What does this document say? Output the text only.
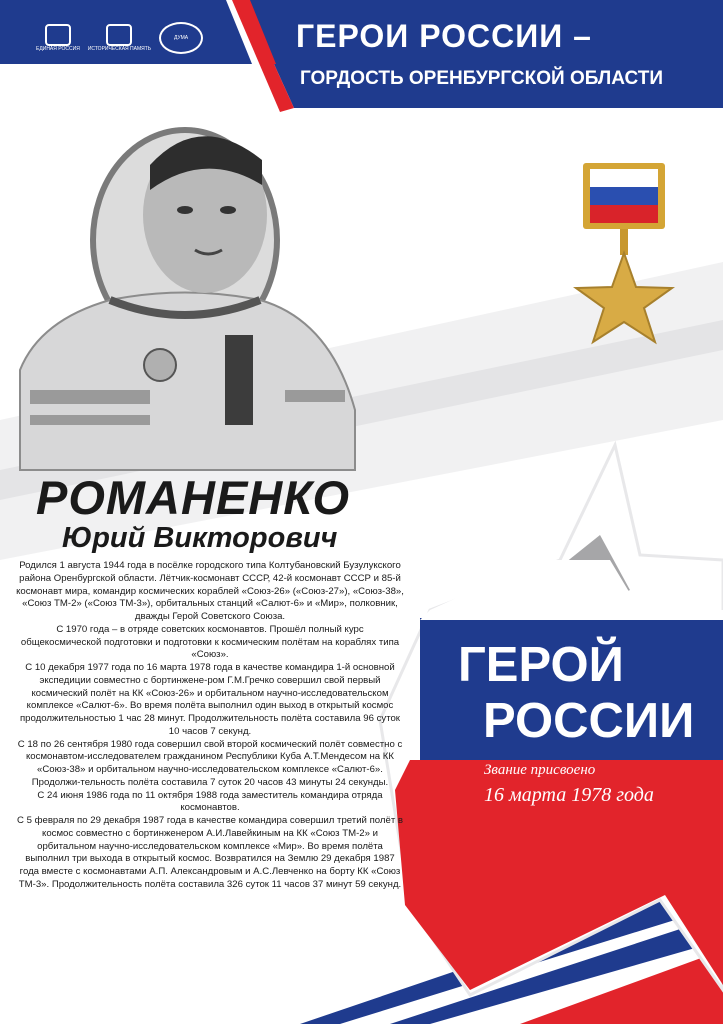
ЕДИНАЯ РОССИЯ ИСТОРИЧЕСКАЯ ПАМЯТЬ
ДУМА	ГЕРОИ РОССИИ –
ГОРДОСТЬ ОРЕНБУРГСКОЙ ОБЛАСТИ
РОМАНЕНКО
Юрий Викторович

Родился 1 августа 1944 года в посёлке городского типа Колтубановский Бузулукского района Оренбургской области. Лётчик-космонавт СССР, 42-й космонавт СССР и 85-й космонавт мира, командир космических кораблей «Союз-26» («Союз-27»), «Союз-38», «Союз ТМ-2» («Союз ТМ-3»), орбитальных станций «Салют-6» и «Мир», полковник, дважды Герой Советского Союза.

С 1970 года – в отряде советских космонавтов. Прошёл полный курс общекосмической подготовки и подготовки к космическим полётам на кораблях типа «Союз».

С 10 декабря 1977 года по 16 марта 1978 года в качестве командира 1-й основной экспедиции совместно с бортинжене-ром Г.М.Гречко совершил свой первый космический полёт на КК «Союз-26» и орбитальном научно-исследовательском комплексе «Салют-6». Во время полёта выполнил один выход в открытый космос продолжительностью 1 час 28 минут. Продолжительность полёта составила 96 суток 10 часов 7 секунд.

С 18 по 26 сентября 1980 года совершил свой второй космический полёт совместно с космонавтом-исследователем гражданином Республики Куба А.Т.Мендесом на КК «Союз-38» и орбитальном научно-исследовательском комплексе «Салют-6». Продолжи-тельность полёта составила 7 суток 20 часов 43 минуты 24 секунды.

С 24 июня 1986 года по 11 октября 1988 года заместитель командира отряда космонавтов.

С 5 февраля по 29 декабря 1987 года в качестве командира совершил третий полёт в космос совместно с бортинженером А.И.Лавейкиным на КК «Союз ТМ-2» и орбитальном научно-исследовательском комплексе «Мир». Во время полёта выполнил три выхода в открытый космос. Возвратился на Землю 29 декабря 1987 года вместе с космонавтами А.П. Александровым и А.С.Левченко на борту КК «Союз ТМ-3». Продолжительность полёта составила 326 суток 11 часов 37 минут 59 секунд.

ГЕРОЙ
РОССИИ
Звание присвоено
16 марта 1978 года
